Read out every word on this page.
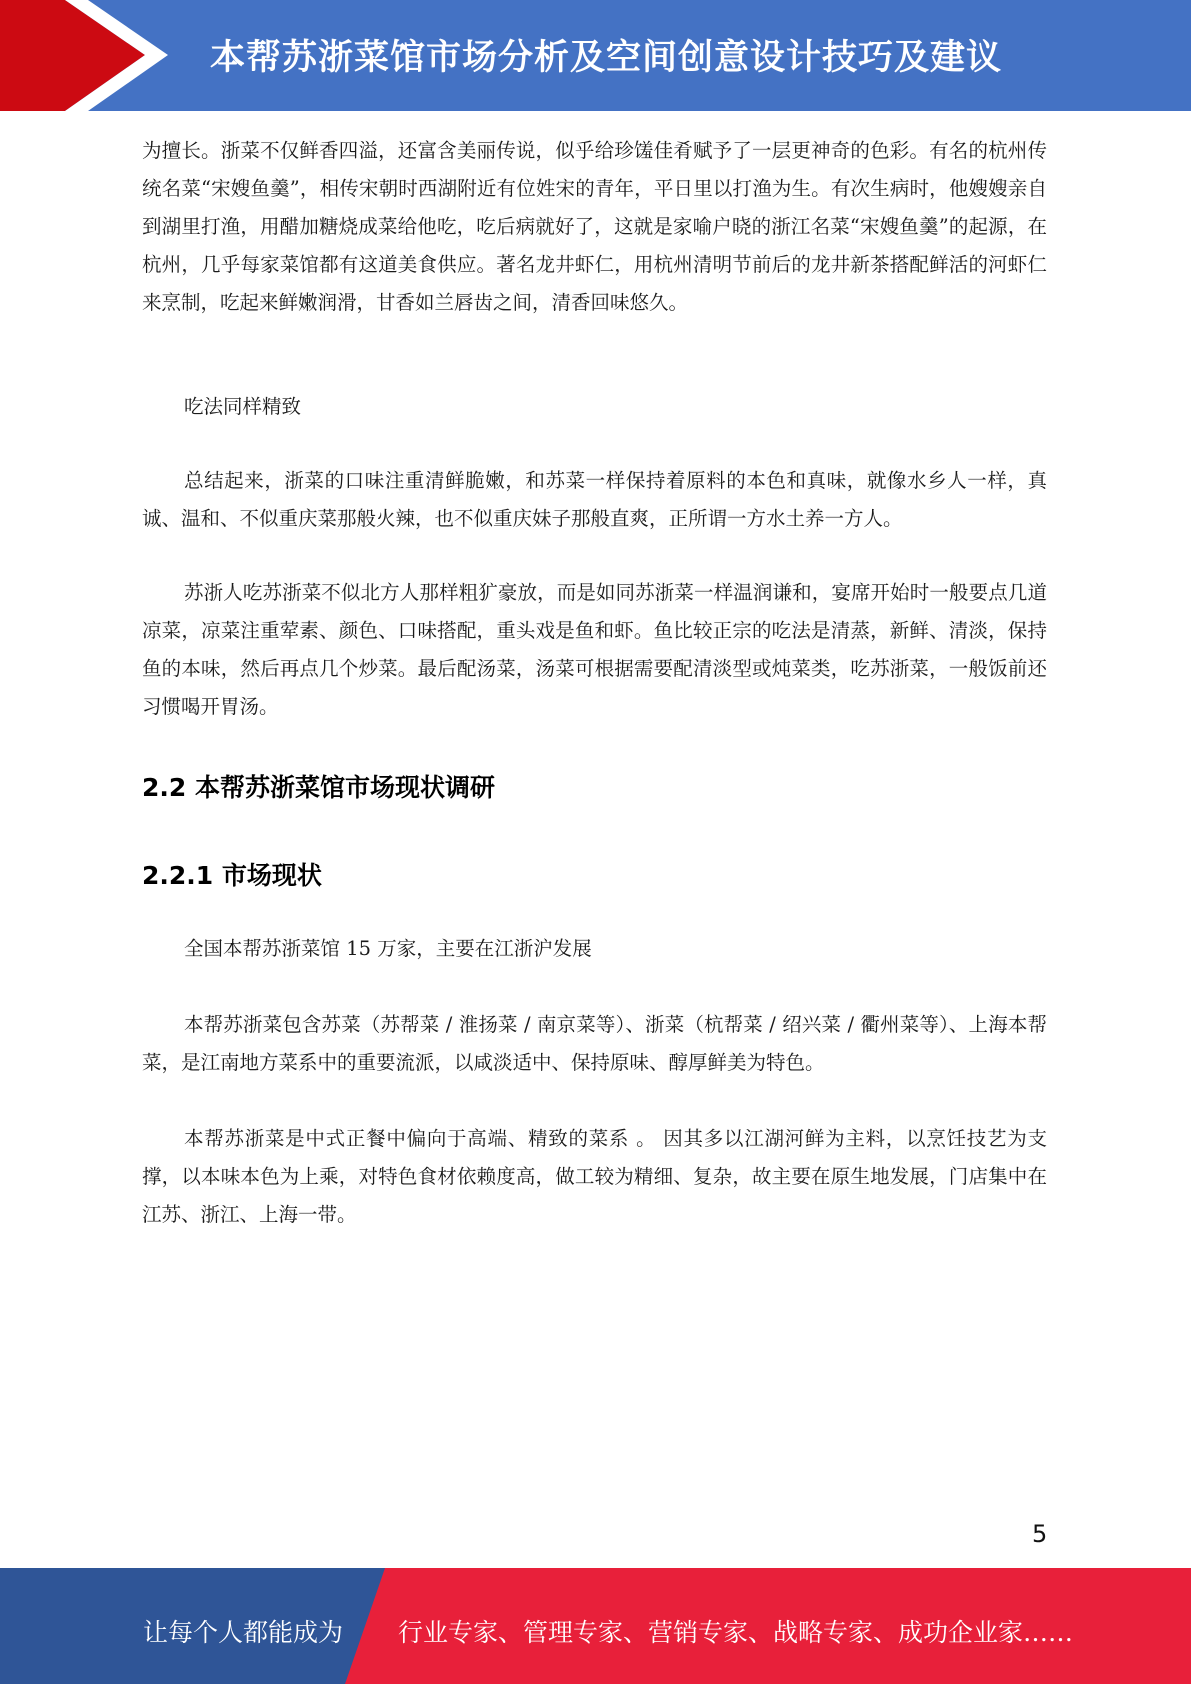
本帮苏浙菜馆市场分析及空间创意设计技巧及建议

为擅长。浙菜不仅鲜香四溢，还富含美丽传说，似乎给珍馐佳肴赋予了一层更神奇的色彩。有名的杭州传统名菜“宋嫂鱼羹”，相传宋朝时西湖附近有位姓宋的青年，平日里以打渔为生。有次生病时，他嫂嫂亲自到湖里打渔，用醋加糖烧成菜给他吃，吃后病就好了，这就是家喻户晓的浙江名菜“宋嫂鱼羹”的起源，在杭州，几乎每家菜馆都有这道美食供应。著名龙井虾仁，用杭州清明节前后的龙井新茶搭配鲜活的河虾仁来烹制，吃起来鲜嫩润滑，甘香如兰唇齿之间，清香回味悠久。

吃法同样精致

总结起来，浙菜的口味注重清鲜脆嫩，和苏菜一样保持着原料的本色和真味，就像水乡人一样，真诚、温和、不似重庆菜那般火辣，也不似重庆妹子那般直爽，正所谓一方水土养一方人。

苏浙人吃苏浙菜不似北方人那样粗犷豪放，而是如同苏浙菜一样温润谦和，宴席开始时一般要点几道凉菜，凉菜注重荤素、颜色、口味搭配，重头戏是鱼和虾。鱼比较正宗的吃法是清蒸，新鲜、清淡，保持鱼的本味，然后再点几个炒菜。最后配汤菜，汤菜可根据需要配清淡型或炖菜类，吃苏浙菜，一般饭前还习惯喝开胃汤。

2.2 本帮苏浙菜馆市场现状调研
2.2.1 市场现状

全国本帮苏浙菜馆 15 万家，主要在江浙沪发展

本帮苏浙菜包含苏菜（苏帮菜 / 淮扬菜 / 南京菜等）、浙菜（杭帮菜 / 绍兴菜 / 衢州菜等）、上海本帮菜，是江南地方菜系中的重要流派，以咸淡适中、保持原味、醇厚鲜美为特色。

本帮苏浙菜是中式正餐中偏向于高端、精致的菜系 。 因其多以江湖河鲜为主料，以烹饪技艺为支撑，以本味本色为上乘，对特色食材依赖度高，做工较为精细、复杂，故主要在原生地发展，门店集中在江苏、浙江、上海一带。

5
让每个人都能成为 行业专家、管理专家、营销专家、战略专家、成功企业家……
